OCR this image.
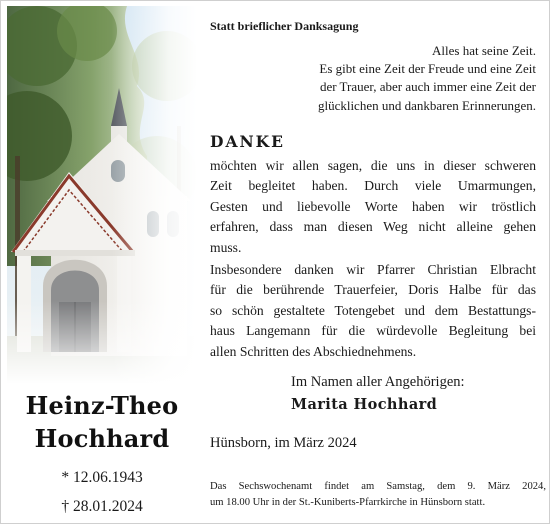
Heinz-Theo
Hochhard
* 12.06.1943
† 28.01.2024
Statt brieflicher Danksagung
Alles hat seine Zeit.
Es gibt eine Zeit der Freude und eine Zeit
der Trauer, aber auch immer eine Zeit der
glücklichen und dankbaren Erinnerungen.
DANKE
möchten wir allen sagen, die uns in dieser schweren
Zeit begleitet haben. Durch viele Umarmungen,
Gesten und liebevolle Worte haben wir tröstlich
erfahren, dass man diesen Weg nicht alleine gehen
muss.
Insbesondere danken wir Pfarrer Christian Elbracht
für die berührende Trauerfeier, Doris Halbe für das
so schön gestaltete Totengebet und dem Bestattungs-
haus Langemann für die würdevolle Begleitung bei
allen Schritten des Abschiednehmens.
Im Namen aller Angehörigen:
Marita Hochhard
Hünsborn, im März 2024
Das Sechswochenamt findet am Samstag, dem 9. März 2024,
um 18.00 Uhr in der St.-Kuniberts-Pfarrkirche in Hünsborn statt.
